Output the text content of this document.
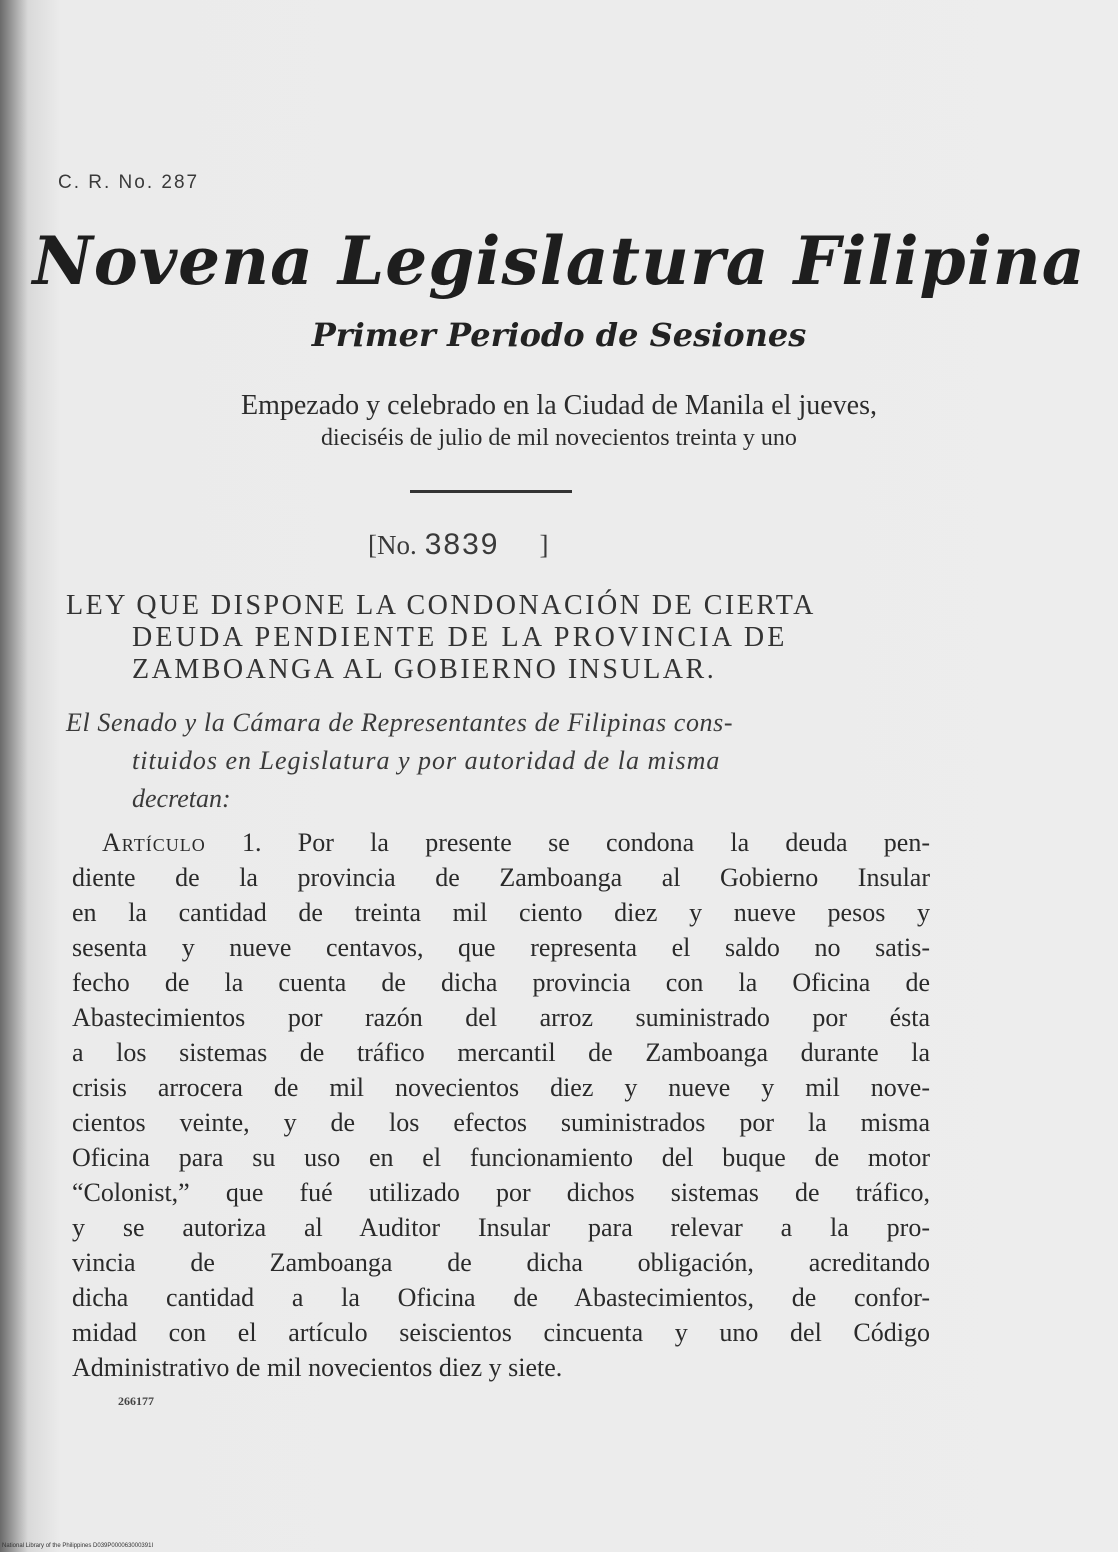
C. R. No. 287
Novena Legislatura Filipina
Primer Periodo de Sesiones
Empezado y celebrado en la Ciudad de Manila el jueves,
dieciséis de julio de mil novecientos treinta y uno
[No. 3839 ]
LEY QUE DISPONE LA CONDONACIÓN DE CIERTA
DEUDA PENDIENTE DE LA PROVINCIA DE
ZAMBOANGA AL GOBIERNO INSULAR.
El Senado y la Cámara de Representantes de Filipinas cons-
tituidos en Legislatura y por autoridad de la misma
decretan:
Artículo 1. Por la presente se condona la deuda pen-
diente de la provincia de Zamboanga al Gobierno Insular
en la cantidad de treinta mil ciento diez y nueve pesos y
sesenta y nueve centavos, que representa el saldo no satis-
fecho de la cuenta de dicha provincia con la Oficina de
Abastecimientos por razón del arroz suministrado por ésta
a los sistemas de tráfico mercantil de Zamboanga durante la
crisis arrocera de mil novecientos diez y nueve y mil nove-
cientos veinte, y de los efectos suministrados por la misma
Oficina para su uso en el funcionamiento del buque de motor
“Colonist,” que fué utilizado por dichos sistemas de tráfico,
y se autoriza al Auditor Insular para relevar a la pro-
vincia de Zamboanga de dicha obligación, acreditando
dicha cantidad a la Oficina de Abastecimientos, de confor-
midad con el artículo seiscientos cincuenta y uno del Código
Administrativo de mil novecientos diez y siete.
266177
National Library of the Philippines D039P000063000391I
